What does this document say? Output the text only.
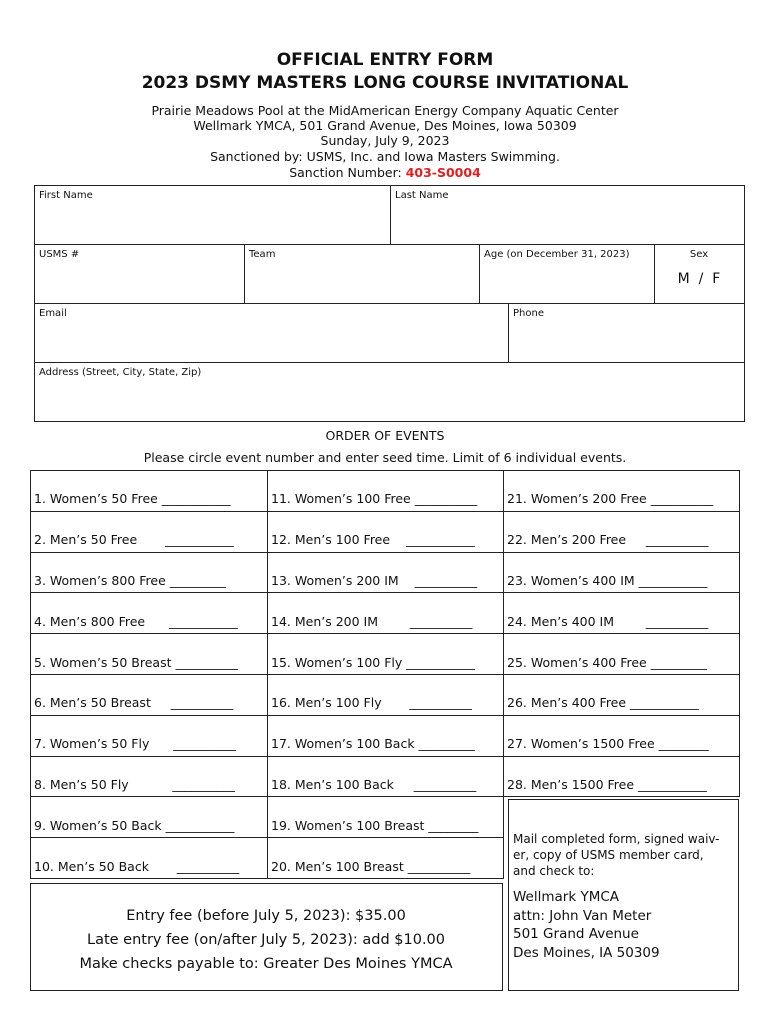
OFFICIAL ENTRY FORM
2023 DSMY MASTERS LONG COURSE INVITATIONAL
Prairie Meadows Pool at the MidAmerican Energy Company Aquatic Center
Wellmark YMCA, 501 Grand Avenue, Des Moines, Iowa 50309
Sunday, July 9, 2023
Sanctioned by: USMS, Inc. and Iowa Masters Swimming.
Sanction Number: 403-S0004
First Name	Last Name
USMS #	Team	Age (on December 31, 2023)	Sex
M  /  F
Email	Phone
Address (Street, City, State, Zip)
ORDER OF EVENTS
Please circle event number and enter seed time. Limit of 6 individual events.
1. Women’s 50 Free ___________
2. Men’s 50 Free       ___________
3. Women’s 800 Free _________
4. Men’s 800 Free      ___________
5. Women’s 50 Breast __________
6. Men’s 50 Breast     __________
7. Women’s 50 Fly      __________
8. Men’s 50 Fly           __________
9. Women’s 50 Back ___________
10. Men’s 50 Back       __________
11. Women’s 100 Free __________
12. Men’s 100 Free    ___________
13. Women’s 200 IM    __________
14. Men’s 200 IM        __________
15. Women’s 100 Fly ___________
16. Men’s 100 Fly       __________
17. Women’s 100 Back _________
18. Men’s 100 Back     __________
19. Women’s 100 Breast ________
20. Men’s 100 Breast __________
21. Women’s 200 Free __________
22. Men’s 200 Free     __________
23. Women’s 400 IM ___________
24. Men’s 400 IM        __________
25. Women’s 400 Free _________
26. Men’s 400 Free ___________
27. Women’s 1500 Free ________
28. Men’s 1500 Free ___________
Entry fee (before July 5, 2023): $35.00
Late entry fee (on/after July 5, 2023): add $10.00
Make checks payable to: Greater Des Moines YMCA
Mail completed form, signed waiv-
er, copy of USMS member card,
and check to:
Wellmark YMCA
attn: John Van Meter
501 Grand Avenue
Des Moines, IA 50309
